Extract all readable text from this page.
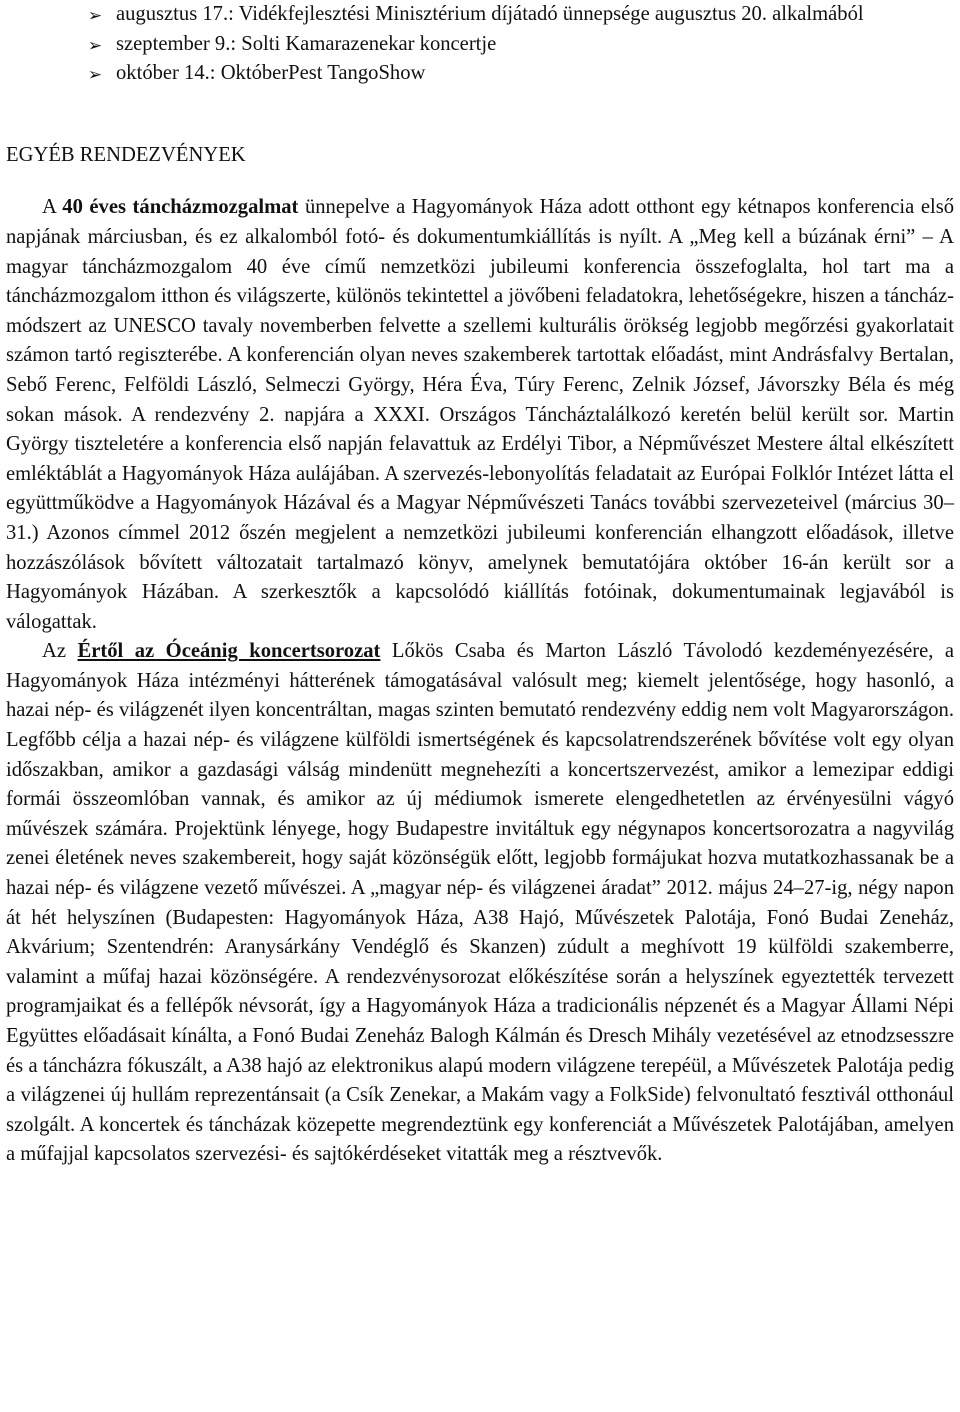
➢ augusztus 17.: Vidékfejlesztési Minisztérium díjátadó ünnepsége augusztus 20. alkalmából
➢ szeptember 9.: Solti Kamarazenekar koncertje
➢ október 14.: OktóberPest TangoShow
EGYÉB RENDEZVÉNYEK

A 40 éves táncházmozgalmat ünnepelve a Hagyományok Háza adott otthont egy kétnapos konferencia első napjának márciusban, és ez alkalomból fotó- és dokumentumkiállítás is nyílt. A „Meg kell a búzának érni” – A magyar táncházmozgalom 40 éve című nemzetközi jubileumi konferencia összefoglalta, hol tart ma a táncházmozgalom itthon és világszerte, különös tekintettel a jövőbeni feladatokra, lehetőségekre, hiszen a táncház-módszert az UNESCO tavaly novemberben felvette a szellemi kulturális örökség legjobb megőrzési gyakorlatait számon tartó regiszterébe. A konferencián olyan neves szakemberek tartottak előadást, mint Andrásfalvy Bertalan, Sebő Ferenc, Felföldi László, Selmeczi György, Héra Éva, Túry Ferenc, Zelnik József, Jávorszky Béla és még sokan mások. A rendezvény 2. napjára a XXXI. Országos Táncháztalálkozó keretén belül került sor. Martin György tiszteletére a konferencia első napján felavattuk az Erdélyi Tibor, a Népművészet Mestere által elkészített emléktáblát a Hagyományok Háza aulájában. A szervezés-lebonyolítás feladatait az Európai Folklór Intézet látta el együttműködve a Hagyományok Házával és a Magyar Népművészeti Tanács további szervezeteivel (március 30–31.) Azonos címmel 2012 őszén megjelent a nemzetközi jubileumi konferencián elhangzott előadások, illetve hozzászólások bővített változatait tartalmazó könyv, amelynek bemutatójára október 16-án került sor a Hagyományok Házában. A szerkesztők a kapcsolódó kiállítás fotóinak, dokumentumainak legjavából is válogattak.

Az Értől az Óceánig koncertsorozat Lőkös Csaba és Marton László Távolodó kezdeményezésére, a Hagyományok Háza intézményi hátterének támogatásával valósult meg; kiemelt jelentősége, hogy hasonló, a hazai nép- és világzenét ilyen koncentráltan, magas szinten bemutató rendezvény eddig nem volt Magyarországon. Legfőbb célja a hazai nép- és világzene külföldi ismertségének és kapcsolatrendszerének bővítése volt egy olyan időszakban, amikor a gazdasági válság mindenütt megnehezíti a koncertszervezést, amikor a lemezipar eddigi formái összeomlóban vannak, és amikor az új médiumok ismerete elengedhetetlen az érvényesülni vágyó művészek számára. Projektünk lényege, hogy Budapestre invitáltuk egy négynapos koncertsorozatra a nagyvilág zenei életének neves szakembereit, hogy saját közönségük előtt, legjobb formájukat hozva mutatkozhassanak be a hazai nép- és világzene vezető művészei. A „magyar nép- és világzenei áradat” 2012. május 24–27-ig, négy napon át hét helyszínen (Budapesten: Hagyományok Háza, A38 Hajó, Művészetek Palotája, Fonó Budai Zeneház, Akvárium; Szentendrén: Aranysárkány Vendéglő és Skanzen) zúdult a meghívott 19 külföldi szakemberre, valamint a műfaj hazai közönségére. A rendezvénysorozat előkészítése során a helyszínek egyeztették tervezett programjaikat és a fellépők névsorát, így a Hagyományok Háza a tradicionális népzenét és a Magyar Állami Népi Együttes előadásait kínálta, a Fonó Budai Zeneház Balogh Kálmán és Dresch Mihály vezetésével az etnodzsesszre és a táncházra fókuszált, a A38 hajó az elektronikus alapú modern világzene terepéül, a Művészetek Palotája pedig a világzenei új hullám reprezentánsait (a Csík Zenekar, a Makám vagy a FolkSide) felvonultató fesztivál otthonául szolgált. A koncertek és táncházak közepette megrendeztünk egy konferenciát a Művészetek Palotájában, amelyen a műfajjal kapcsolatos szervezési- és sajtókérdéseket vitatták meg a résztvevők.
